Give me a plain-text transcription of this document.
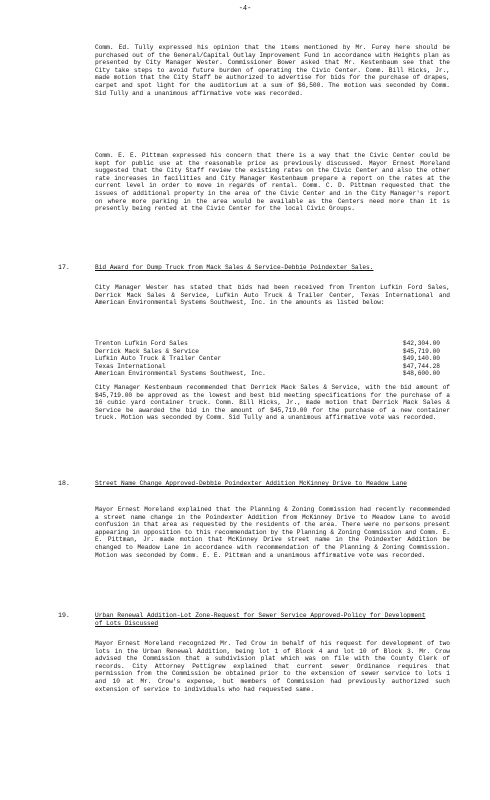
-4-
Comm. Ed. Tully expressed his opinion that the items mentioned by Mr. Furey here should be purchased out of the General/Capital Outlay Improvement Fund in accordance with Heights plan as presented by City Manager Wester. Commissioner Bower asked that Mr. Kestenbaum see that the City take steps to avoid future burden of operating the Civic Center. Comm. Bill Hicks, Jr., made motion that the City Staff be authorized to advertise for bids for the purchase of drapes, carpet and spot light for the auditorium at a sum of $6,500. The motion was seconded by Comm. Sid Tully and a unanimous affirmative vote was recorded.
Comm. E. E. Pittman expressed his concern that there is a way that the Civic Center could be kept for public use at the reasonable price as previously discussed. Mayor Ernest Moreland suggested that the City Staff review the existing rates on the Civic Center and also the other rate increases in facilities and City Manager Kestenbaum prepare a report on the rates at the current level in order to move in regards of rental. Comm. C. D. Pittman requested that the issues of additional property in the area of the Civic Center and in the City Manager's report on where more parking in the area would be available as the Centers need more than it is presently being rented at the Civic Center for the local Civic Groups.
17.	Bid Award for Dump Truck from Mack Sales & Service-Debbie Poindexter Sales.
City Manager Wester has stated that bids had been received from Trenton Lufkin Ford Sales, Derrick Mack Sales & Service, Lufkin Auto Truck & Trailer Center, Texas International and American Environmental Systems Southwest, Inc. in the amounts as listed below:
Trenton Lufkin Ford Sales	$42,304.00
Derrick Mack Sales & Service	$45,719.00
Lufkin Auto Truck & Trailer Center	$49,140.00
Texas International	$47,744.28
American Environmental Systems Southwest, Inc.	$48,600.00
City Manager Kestenbaum recommended that Derrick Mack Sales & Service, with the bid amount of $45,719.00 be approved as the lowest and best bid meeting specifications for the purchase of a 16 cubic yard container truck. Comm. Bill Hicks, Jr., made motion that Derrick Mack Sales & Service be awarded the bid in the amount of $45,719.00 for the purchase of a new container truck. Motion was seconded by Comm. Sid Tully and a unanimous affirmative vote was recorded.
18.	Street Name Change Approved-Debbie Poindexter Addition McKinney Drive to Meadow Lane
Mayor Ernest Moreland explained that the Planning & Zoning Commission had recently recommended a street name change in the Poindexter Addition from McKinney Drive to Meadow Lane to avoid confusion in that area as requested by the residents of the area. There were no persons present appearing in opposition to this recommendation by the Planning & Zoning Commission and Comm. E. E. Pittman, Jr. made motion that McKinney Drive street name in the Poindexter Addition be changed to Meadow Lane in accordance with recommendation of the Planning & Zoning Commission. Motion was seconded by Comm. E. E. Pittman and a unanimous affirmative vote was recorded.
19.	Urban Renewal Addition-Lot Zone-Request for Sewer Service Approved-Policy for Development of Lots Discussed
Mayor Ernest Moreland recognized Mr. Ted Crow in behalf of his request for development of two lots in the Urban Renewal Addition, being lot 1 of Block 4 and lot 10 of Block 3. Mr. Crow advised the Commission that a subdivision plat which was on file with the County Clerk of records. City Attorney Pettigrew explained that current sewer Ordinance requires that permission from the Commission be obtained prior to the extension of sewer service to lots 1 and 10 at Mr. Crow's expense, but members of Commission had previously authorized such extension of service to individuals who had requested same.
